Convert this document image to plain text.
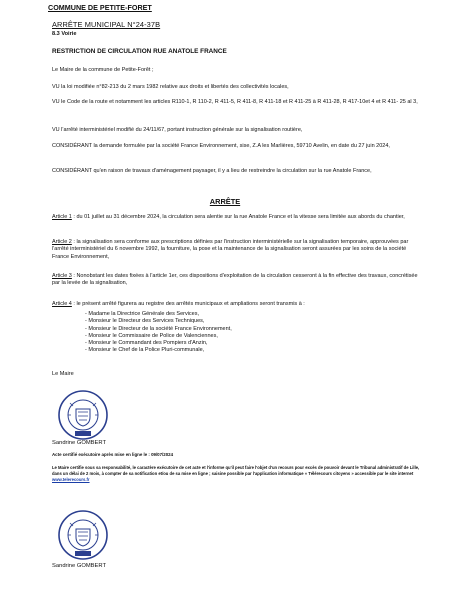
COMMUNE DE PETITE-FORET
ARRÊTE MUNICIPAL N°24-37B
8.3 Voirie
RESTRICTION DE CIRCULATION RUE ANATOLE FRANCE
Le Maire de la commune de Petite-Forêt ;
VU la loi modifiée n°82-213 du 2 mars 1982 relative aux droits et libertés des collectivités locales,
VU le Code de la route et notamment les articles R110-1, R 110-2, R 411-5, R 411-8, R 411-18 et R 411-25 à R 411-28, R 417-10et 4 et R 411- 25 al 3,
VU l'arrêté interministériel modifié du 24/11/67, portant instruction générale sur la signalisation routière,
CONSIDÉRANT la demande formulée par la société France Environnement, sise, Z.A les Marlières, 59710 Avelin, en date du 27 juin 2024,
CONSIDÉRANT qu'en raison de travaux d'aménagement paysager, il y a lieu de restreindre la circulation sur la rue Anatole France,
ARRÊTE
Article 1 : du 01 juillet au 31 décembre 2024, la circulation sera alentie sur la rue Anatole France et la vitesse sera limitée aux abords du chantier,
Article 2 : la signalisation sera conforme aux prescriptions définies par l'instruction interministérielle sur la signalisation temporaire, approuvées par l'arrêté interministériel du 6 novembre 1992, la fourniture, la pose et la maintenance de la signalisation seront assurées par les soins de la société France Environnement,
Article 3 : Nonobstant les dates fixées à l'article 1er, ces dispositions d'exploitation de la circulation cesseront à la fin effective des travaux, concrétisée par la levée de la signalisation,
Article 4 : le présent arrêté figurera au registre des arrêtés municipaux et ampliations seront transmis à :
- Madame la Directrice Générale des Services,
- Monsieur le Directeur des Services Techniques,
- Monsieur le Directeur de la société France Environnement,
- Monsieur le Commissaire de Police de Valenciennes,
- Monsieur le Commandant des Pompiers d'Anzin,
- Monsieur le Chef de la Police Pluri-communale,
Le Maire
Sandrine GOMBERT
Acte certifié exécutoire après mise en ligne le : 09/07/2024
Le Maire certifie sous sa responsabilité, le caractère exécutoire de cet acte et l'informe qu'il peut faire l'objet d'un recours pour excès de pouvoir devant le Tribunal administratif de Lille, dans un délai de 2 mois, à compter de sa notification et/ou de sa mise en ligne ; saisine possible par l'application informatique « Télérecours citoyens » accessible par le site internet www.telerecours.fr
Sandrine GOMBERT
